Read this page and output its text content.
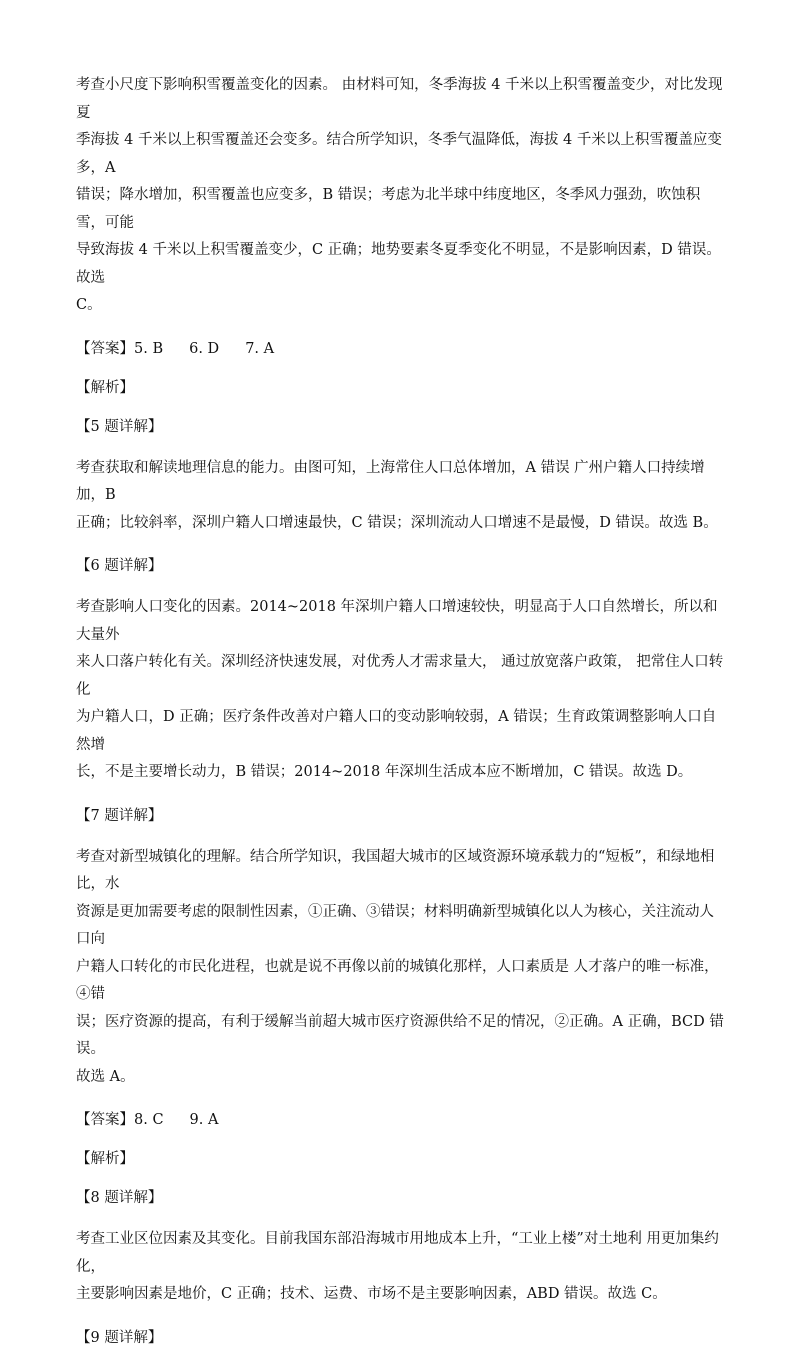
考查小尺度下影响积雪覆盖变化的因素。 由材料可知，冬季海拔 4 千米以上积雪覆盖变少，对比发现夏

季海拔 4 千米以上积雪覆盖还会变多。结合所学知识，冬季气温降低，海拔 4 千米以上积雪覆盖应变多，A

错误；降水增加，积雪覆盖也应变多，B 错误；考虑为北半球中纬度地区，冬季风力强劲，吹蚀积雪，可能

导致海拔 4 千米以上积雪覆盖变少，C 正确；地势要素冬夏季变化不明显，不是影响因素，D 错误。故选

C。

【答案】5. B 6. D 7. A

【解析】

【5 题详解】

考查获取和解读地理信息的能力。由图可知，上海常住人口总体增加，A 错误 广州户籍人口持续增加，B

正确；比较斜率，深圳户籍人口增速最快，C 错误；深圳流动人口增速不是最慢，D 错误。故选 B。

【6 题详解】

考查影响人口变化的因素。2014~2018 年深圳户籍人口增速较快，明显高于人口自然增长，所以和大量外

来人口落户转化有关。深圳经济快速发展，对优秀人才需求量大， 通过放宽落户政策， 把常住人口转化

为户籍人口，D 正确；医疗条件改善对户籍人口的变动影响较弱，A 错误；生育政策调整影响人口自然增

长，不是主要增长动力，B 错误；2014~2018 年深圳生活成本应不断增加，C 错误。故选 D。

【7 题详解】

考查对新型城镇化的理解。结合所学知识，我国超大城市的区域资源环境承载力的“短板”，和绿地相比，水

资源是更加需要考虑的限制性因素，①正确、③错误；材料明确新型城镇化以人为核心，关注流动人口向

户籍人口转化的市民化进程，也就是说不再像以前的城镇化那样，人口素质是 人才落户的唯一标准，④错

误；医疗资源的提高，有利于缓解当前超大城市医疗资源供给不足的情况，②正确。A 正确，BCD 错误。

故选 A。

【答案】8. C 9. A

【解析】

【8 题详解】

考查工业区位因素及其变化。目前我国东部沿海城市用地成本上升，“工业上楼”对土地利 用更加集约化，

主要影响因素是地价，C 正确；技术、运费、市场不是主要影响因素，ABD 错误。故选 C。

【9 题详解】
